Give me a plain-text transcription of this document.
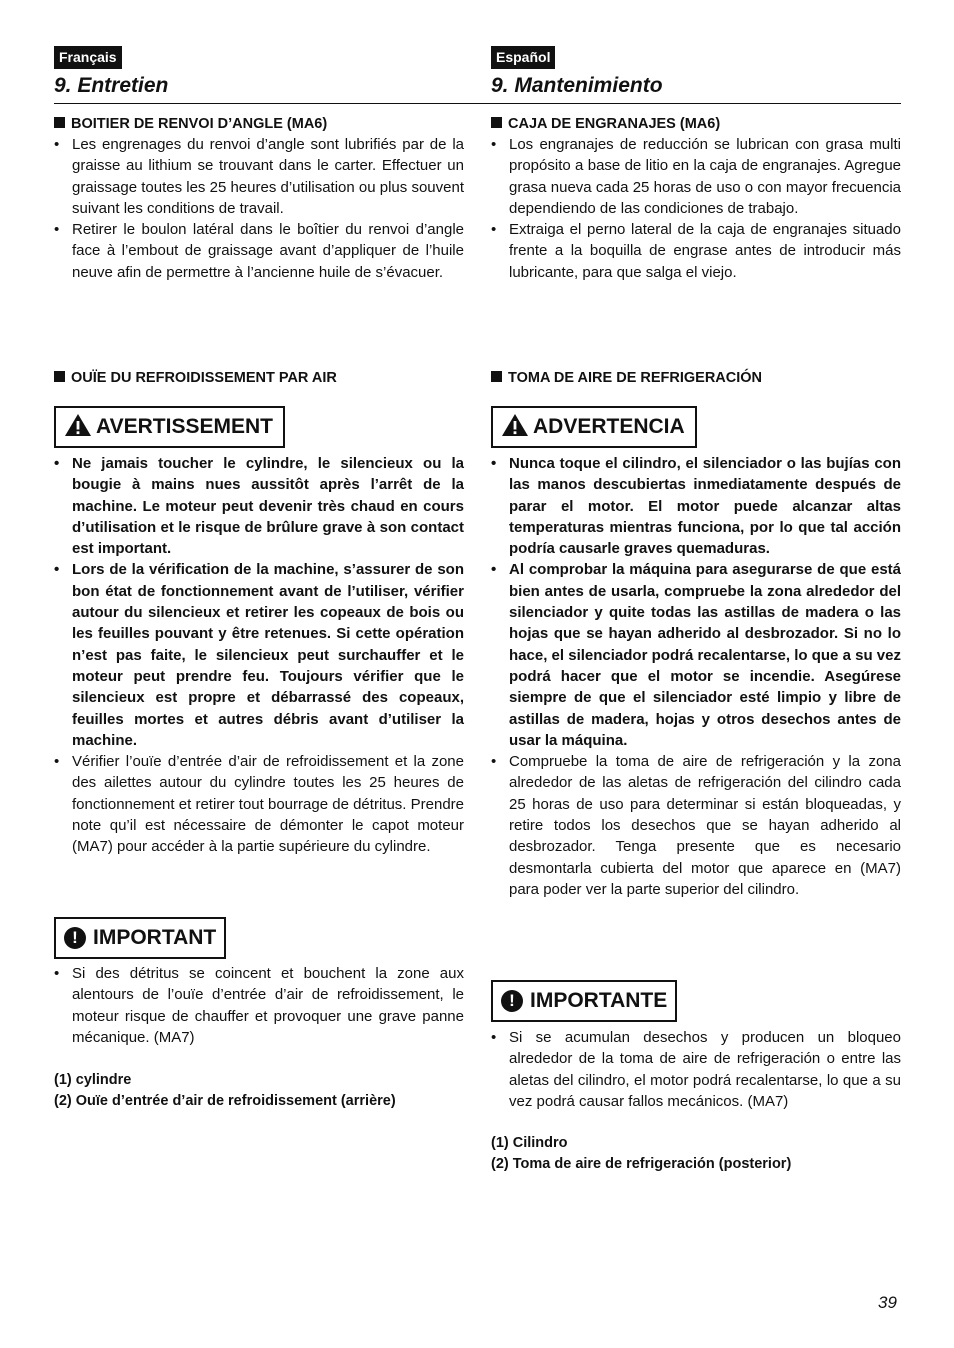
Français
9. Entretien
BOITIER DE RENVOI D’ANGLE (MA6)
• Les engrenages du renvoi d’angle sont lubrifiés par de la graisse au lithium se trouvant dans le carter. Effectuer un graissage toutes les 25 heures d’utilisation ou plus souvent suivant les conditions de travail.
• Retirer le boulon latéral dans le boîtier du renvoi d’angle face à l’embout de graissage avant d’appliquer de l’huile neuve afin de permettre à l’ancienne huile de s’évacuer.
OUÏE DU REFROIDISSEMENT PAR AIR
AVERTISSEMENT
• Ne jamais toucher le cylindre, le silencieux ou la bougie à mains nues aussitôt après l’arrêt de la machine. Le moteur peut devenir très chaud en cours d’utilisation et le risque de brûlure grave à son contact est important.
• Lors de la vérification de la machine, s’assurer de son bon état de fonctionnement avant de l’utiliser, vérifier autour du silencieux et retirer les copeaux de bois ou les feuilles pouvant y être retenues. Si cette opération n’est pas faite, le silencieux peut surchauffer et le moteur peut prendre feu. Toujours vérifier que le silencieux est propre et débarrassé des copeaux, feuilles mortes et autres débris avant d’utiliser la machine.
• Vérifier l’ouïe d’entrée d’air de refroidissement et la zone des ailettes autour du cylindre toutes les 25 heures de fonctionnement et retirer tout bourrage de détritus. Prendre note qu’il est nécessaire de démonter le capot moteur (MA7) pour accéder à la partie supérieure du cylindre.
! IMPORTANT
• Si des détritus se coincent et bouchent la zone aux alentours de l’ouïe d’entrée d’air de refroidissement, le moteur risque de chauffer et provoquer une grave panne mécanique. (MA7)
(1) cylindre
(2) Ouïe d’entrée d’air de refroidissement (arrière)
Español
9. Mantenimiento
CAJA DE ENGRANAJES (MA6)
• Los engranajes de reducción se lubrican con grasa multi propósito a base de litio en la caja de engranajes. Agregue grasa nueva cada 25 horas de uso o con mayor frecuencia dependiendo de las condiciones de trabajo.
• Extraiga el perno lateral de la caja de engranajes situado frente a la boquilla de engrase antes de introducir más lubricante, para que salga el viejo.
TOMA DE AIRE DE REFRIGERACIÓN
ADVERTENCIA
• Nunca toque el cilindro, el silenciador o las bujías con las manos descubiertas inmediatamente después de parar el motor. El motor puede alcanzar altas temperaturas mientras funciona, por lo que tal acción podría causarle graves quemaduras.
• Al comprobar la máquina para asegurarse de que está bien antes de usarla, compruebe la zona alrededor del silenciador y quite todas las astillas de madera o las hojas que se hayan adherido al desbrozador. Si no lo hace, el silenciador podrá recalentarse, lo que a su vez podrá hacer que el motor se incendie. Asegúrese siempre de que el silenciador esté limpio y libre de astillas de madera, hojas y otros desechos antes de usar la máquina.
• Compruebe la toma de aire de refrigeración y la zona alrededor de las aletas de refrigeración del cilindro cada 25 horas de uso para determinar si están bloqueadas, y retire todos los desechos que se hayan adherido al desbrozador. Tenga presente que es necesario desmontarla cubierta del motor que aparece en (MA7) para poder ver la parte superior del cilindro.
! IMPORTANTE
• Si se acumulan desechos y producen un bloqueo alrededor de la toma de aire de refrigeración o entre las aletas del cilindro, el motor podrá recalentarse, lo que a su vez podrá causar fallos mecánicos. (MA7)
(1) Cilindro
(2) Toma de aire de refrigeración (posterior)
39
